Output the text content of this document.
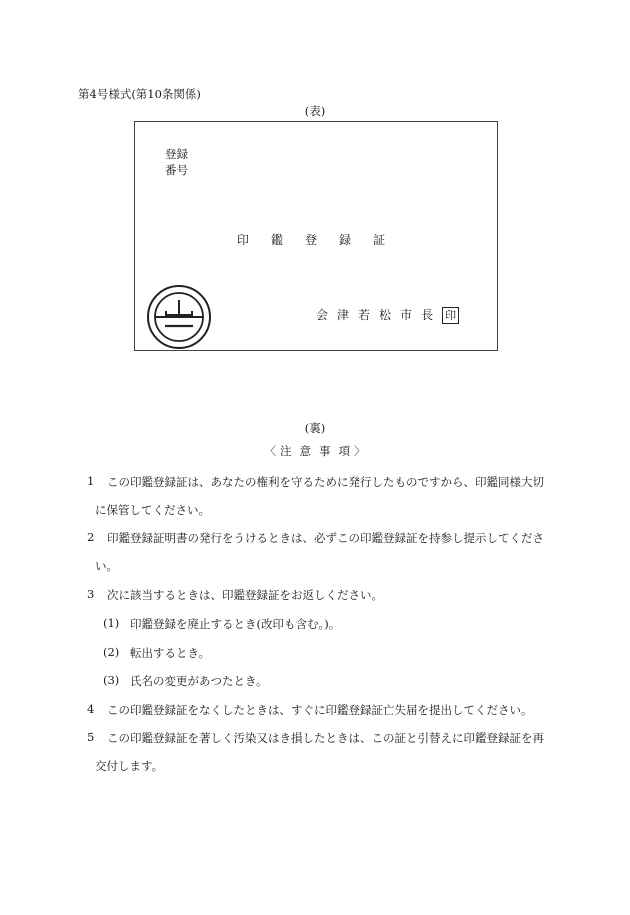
第4号様式(第10条関係)
(表)
登録
番号
印 鑑 登 録 証
会 津 若 松 市 長 印
(裏)
〈 注 意 事 項 〉
1 この印鑑登録証は、あなたの権利を守るために発行したものですから、印鑑同様大切
に保管してください。
2 印鑑登録証明書の発行をうけるときは、必ずこの印鑑登録証を持参し提示してくださ
い。
3 次に該当するときは、印鑑登録証をお返しください。
(1) 印鑑登録を廃止するとき(改印も含む。)。
(2) 転出するとき。
(3) 氏名の変更があつたとき。
4 この印鑑登録証をなくしたときは、すぐに印鑑登録証亡失届を提出してください。
5 この印鑑登録証を著しく汚染又はき損したときは、この証と引替えに印鑑登録証を再
交付します。
